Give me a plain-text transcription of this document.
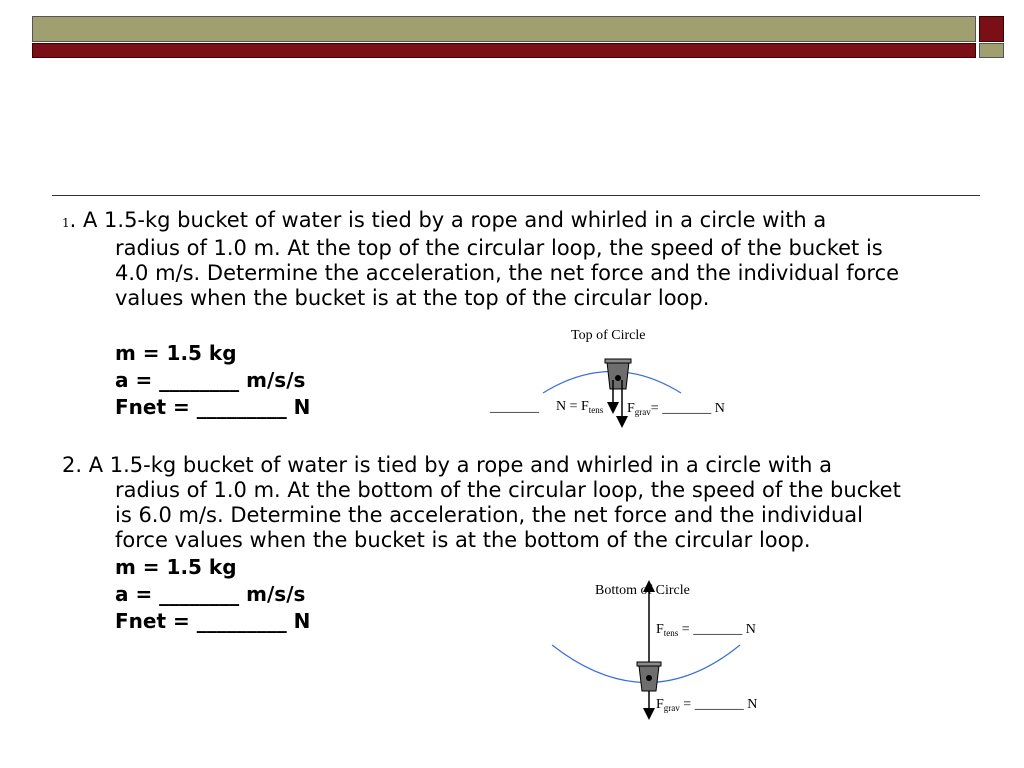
1. A 1.5-kg bucket of water is tied by a rope and whirled in a circle with a
radius of 1.0 m. At the top of the circular loop, the speed of the bucket is
4.0 m/s. Determine the acceleration, the net force and the individual force
values when the bucket is at the top of the circular loop.
m = 1.5 kg
a = ________ m/s/s
Fnet = _________ N
2. A 1.5-kg bucket of water is tied by a rope and whirled in a circle with a
radius of 1.0 m. At the bottom of the circular loop, the speed of the bucket
is 6.0 m/s. Determine the acceleration, the net force and the individual
force values when the bucket is at the bottom of the circular loop.
m = 1.5 kg
a = ________ m/s/s
Fnet = _________ N
Top of Circle
_______ $N = F_{tens}$ $F_{grav}=$ _______ N
Bottom of Circle
$F_{tens}$ = _______ N
$F_{grav}$ = _______ N
